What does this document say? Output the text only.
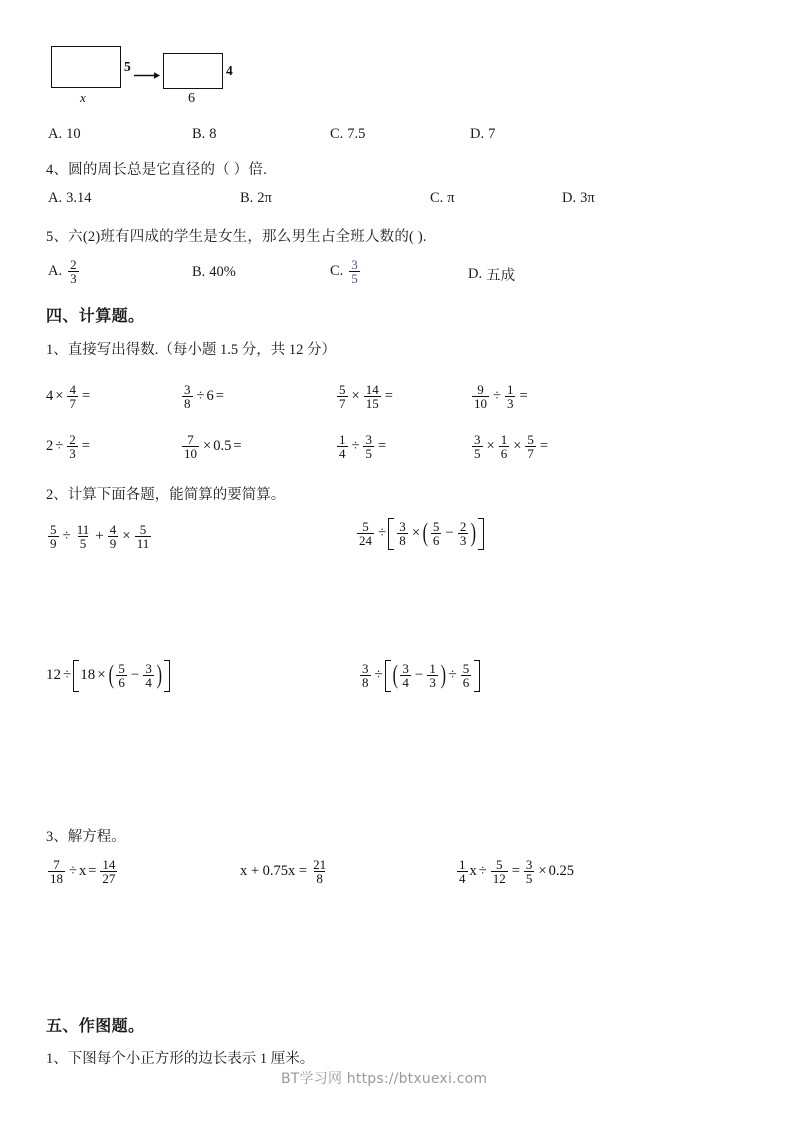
5
x
4
6
A. 10	B. 8	C. 7.5	D. 7
4、圆的周长总是它直径的（ ）倍.
A. 3.14	B. 2π	C. π	D. 3π
5、六(2)班有四成的学生是女生，那么男生占全班人数的( ).
A. $\frac{2}{3}$	B. 40%	C. $\frac{3}{5}$	D. 五成
四、计算题。
1、直接写出得数.（每小题 1.5 分，共 12 分）
$4 \times \frac{4}{7}$ =	$\frac{3}{8} \div 6$ =	$\frac{5}{7} \times \frac{14}{15}$ =	$\frac{9}{10} \div \frac{1}{3}$ =
$2 \div \frac{2}{3}$ =	$\frac{7}{10} \times 0.5$ =	$\frac{1}{4} \div \frac{3}{5}$ =	$\frac{3}{5} \times \frac{1}{6} \times \frac{5}{7}$ =
2、计算下面各题，能简算的要简算。
$\frac{5}{9} \div \frac{11}{5} + \frac{4}{9} \times \frac{5}{11}$	$\frac{5}{24} \div \frac{3}{8}$ × ( $\frac{5}{6} - \frac{2}{3}$ )
12 ÷ 18 × ( $\frac{5}{6} - \frac{3}{4}$ )	$\frac{3}{8}$ ÷ ( $\frac{3}{4} - \frac{1}{3}$ ) ÷ $\frac{5}{6}$
3、解方程。
$\frac{7}{18} \div x = \frac{14}{27}$	$x + 0.75x = \frac{21}{8}$	$\frac{1}{4}$ $x \div \frac{5}{12} = \frac{3}{5} \times 0.25$
五、作图题。
1、下图每个小正方形的边长表示 1 厘米。
BT学习网 https://btxuexi.com
